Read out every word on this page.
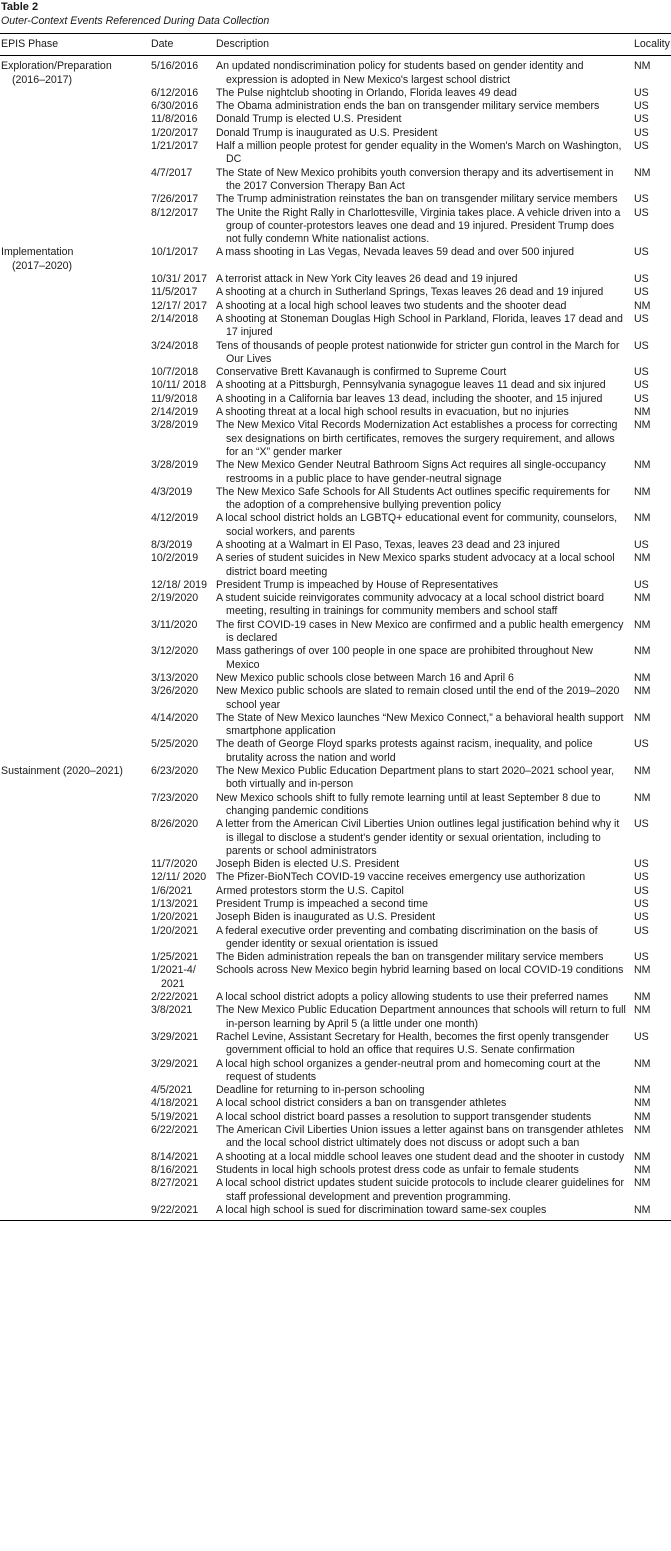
Table 2
Outer-Context Events Referenced During Data Collection
EPIS Phase	Date	Description	Locality

Exploration/Preparation
(2016–2017)	5/16/2016	An updated nondiscrimination policy for students based on gender identity and expression is adopted in New Mexico's largest school district	NM

	6/12/2016	The Pulse nightclub shooting in Orlando, Florida leaves 49 dead	US

	6/30/2016	The Obama administration ends the ban on transgender military service members	US

	11/8/2016	Donald Trump is elected U.S. President	US

	1/20/2017	Donald Trump is inaugurated as U.S. President	US

	1/21/2017	Half a million people protest for gender equality in the Women's March on Washington, DC	US

	4/7/2017	The State of New Mexico prohibits youth conversion therapy and its advertisement in the 2017 Conversion Therapy Ban Act	NM

	7/26/2017	The Trump administration reinstates the ban on transgender military service members	US

	8/12/2017	The Unite the Right Rally in Charlottesville, Virginia takes place. A vehicle driven into a group of counter-protestors leaves one dead and 19 injured. President Trump does not fully condemn White nationalist actions.	US

Implementation
(2017–2020)	10/1/2017	A mass shooting in Las Vegas, Nevada leaves 59 dead and over 500 injured	US

	10/31/ 2017	A terrorist attack in New York City leaves 26 dead and 19 injured	US

	11/5/2017	A shooting at a church in Sutherland Springs, Texas leaves 26 dead and 19 injured	US

	12/17/ 2017	A shooting at a local high school leaves two students and the shooter dead	NM

	2/14/2018	A shooting at Stoneman Douglas High School in Parkland, Florida, leaves 17 dead and 17 injured	US

	3/24/2018	Tens of thousands of people protest nationwide for stricter gun control in the March for Our Lives	US

	10/7/2018	Conservative Brett Kavanaugh is confirmed to Supreme Court	US

	10/11/ 2018	A shooting at a Pittsburgh, Pennsylvania synagogue leaves 11 dead and six injured	US

	11/9/2018	A shooting in a California bar leaves 13 dead, including the shooter, and 15 injured	US

	2/14/2019	A shooting threat at a local high school results in evacuation, but no injuries	NM

	3/28/2019	The New Mexico Vital Records Modernization Act establishes a process for correcting sex designations on birth certificates, removes the surgery requirement, and allows for an “X” gender marker	NM

	3/28/2019	The New Mexico Gender Neutral Bathroom Signs Act requires all single-occupancy restrooms in a public place to have gender-neutral signage	NM

	4/3/2019	The New Mexico Safe Schools for All Students Act outlines specific requirements for the adoption of a comprehensive bullying prevention policy	NM

	4/12/2019	A local school district holds an LGBTQ+ educational event for community, counselors, social workers, and parents	NM

	8/3/2019	A shooting at a Walmart in El Paso, Texas, leaves 23 dead and 23 injured	US

	10/2/2019	A series of student suicides in New Mexico sparks student advocacy at a local school district board meeting	NM

	12/18/ 2019	President Trump is impeached by House of Representatives	US

	2/19/2020	A student suicide reinvigorates community advocacy at a local school district board meeting, resulting in trainings for community members and school staff	NM

	3/11/2020	The first COVID-19 cases in New Mexico are confirmed and a public health emergency is declared	NM

	3/12/2020	Mass gatherings of over 100 people in one space are prohibited throughout New Mexico	NM

	3/13/2020	New Mexico public schools close between March 16 and April 6	NM

	3/26/2020	New Mexico public schools are slated to remain closed until the end of the 2019–2020 school year	NM

	4/14/2020	The State of New Mexico launches “New Mexico Connect,” a behavioral health support smartphone application	NM

	5/25/2020	The death of George Floyd sparks protests against racism, inequality, and police brutality across the nation and world	US

Sustainment (2020–2021)	6/23/2020	The New Mexico Public Education Department plans to start 2020–2021 school year, both virtually and in-person	NM

	7/23/2020	New Mexico schools shift to fully remote learning until at least September 8 due to changing pandemic conditions	NM

	8/26/2020	A letter from the American Civil Liberties Union outlines legal justification behind why it is illegal to disclose a student's gender identity or sexual orientation, including to parents or school administrators	US

	11/7/2020	Joseph Biden is elected U.S. President	US

	12/11/ 2020	The Pfizer-BioNTech COVID-19 vaccine receives emergency use authorization	US

	1/6/2021	Armed protestors storm the U.S. Capitol	US

	1/13/2021	President Trump is impeached a second time	US

	1/20/2021	Joseph Biden is inaugurated as U.S. President	US

	1/20/2021	A federal executive order preventing and combating discrimination on the basis of gender identity or sexual orientation is issued	US

	1/25/2021	The Biden administration repeals the ban on transgender military service members	US

	1/2021-4/ 2021	Schools across New Mexico begin hybrid learning based on local COVID-19 conditions	NM

	2/22/2021	A local school district adopts a policy allowing students to use their preferred names	NM

	3/8/2021	The New Mexico Public Education Department announces that schools will return to full in-person learning by April 5 (a little under one month)	NM

	3/29/2021	Rachel Levine, Assistant Secretary for Health, becomes the first openly transgender government official to hold an office that requires U.S. Senate confirmation	US

	3/29/2021	A local high school organizes a gender-neutral prom and homecoming court at the request of students	NM

	4/5/2021	Deadline for returning to in-person schooling	NM

	4/18/2021	A local school district considers a ban on transgender athletes	NM

	5/19/2021	A local school district board passes a resolution to support transgender students	NM

	6/22/2021	The American Civil Liberties Union issues a letter against bans on transgender athletes and the local school district ultimately does not discuss or adopt such a ban	NM

	8/14/2021	A shooting at a local middle school leaves one student dead and the shooter in custody	NM

	8/16/2021	Students in local high schools protest dress code as unfair to female students	NM

	8/27/2021	A local school district updates student suicide protocols to include clearer guidelines for staff professional development and prevention programming.	NM

	9/22/2021	A local high school is sued for discrimination toward same-sex couples	NM
